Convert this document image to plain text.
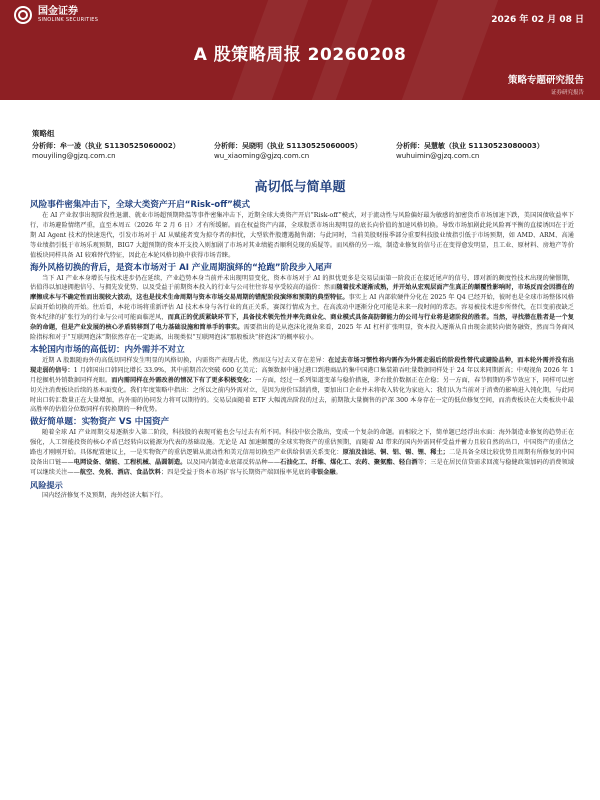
国金证券
SINOLINK SECURITIES	2026 年 02 月 08 日
A 股策略周报 20260208
策略专题研究报告
证券研究报告
策略组
分析师：牟一凌（执业 S1130525060002）
mouyiling@gjzq.com.cn
分析师：吴晓明（执业 S1130525060005）
wu_xiaoming@gjzq.com.cn
分析师：吴慧敏（执业 S1130523080003）
wuhuimin@gjzq.com.cn
高切低与简单题
风险事件密集冲击下，全球大类资产开启“Risk-off”模式

在 AI 产业叙事出现阶段性退潮、就业市场超预期降温等事件密集冲击下，近期全球大类资产开启“Risk-off”模式，对于流动性与风险偏好最为敏感的加密货币市场加速下跌，美国国债收益率下行，市场避险情绪严重，直至本周五（2026 年 2 月 6 日）才有所缓解。而在权益资产内部，全球股票市场出现明显的底长向价值的加速风格切换。导致市场加剧此轮风险再平衡的直接诱因在于近期 AI Agent 技术的快速迭代，引发市场对于 AI 从赋能者变为掠夺者的担忧，大型软件股遭遇抛售潮；与此同时，当前美股财报季部分重要科技股业绩指引低于市场预期，如 AMD、ARM、高通等业绩指引低于市场乐观预期，BIG7 大超预期的资本开支投入则加剧了市场对其业绩能否顺利兑现的质疑等。而风格的另一端，制造业修复的信号正在变得愈发明显，且工业、原材料、房地产等价值板块同样具备 AI 较难替代特征，因此在本轮风格切换中获得市场青睐。

海外风格切换的背后，是资本市场对于 AI 产业周期演绎的“抢跑”阶段步入尾声

当下 AI 产业本身增长与技术进步仍在延续，产业趋势本身当前并未出现明显变化，资本市场对于 AI 的担忧更多是交易层面第一阶段正在接近尾声的信号，即对新的颇度性技术出现的憧憬期，估值得以加速拥抱信号、与拥先发优势、以及受益于前期资本投入的行业与公司往往容易享受较高的溢价：然而随着技术逐渐成熟，并开始从宏观层面产生真正的颠覆性影响时，市场反而会因潜在的摩擦成本与不确定性而出现较大波动，这也是技术生命周期与资本市场交易周期的错配阶段演绎和预期的典型特征。事实上 AI 内部软硬件分化在 2025 年 Q4 已经开始，彼时也是全球市场整体风格层面开始切换的开始。往后看，本轮市场将重新评估 AI 技术本身与各行业的真正关系，赛深行情成为主，在高波动中逐渐分化可能是未来一段时间的常态。容易被技术进步所替代，在巨变前夜缺乏资本纪律的扩张行为的行业与公司可能面临逆风，而真正的优质紧缺环节下，具备技术领先性并率先商业化、商业模式具备高防御能力的公司与行业将是诸阶段的胜者。当然，寻找潜在胜者是一个复杂的命题，但是产业发展的核心矛盾转移到了电力基础设施和简单手的事实。需要指出的是从泡沫化视角来看，2025 年 AI 杠杆扩张明显，资本投入逐渐从自由现金流转向债务融资，然而当务商风险指标和对于“互联网泡沫”期依然存在一定距离，出现类似“互联网泡沫”那般板块“挤泡沫”的概率较小。

本轮国内市场的高低切：内外需并不对立

近期 A 股跟随海外的高低切同样发生明显的风格切换，内需资产表现占优，然而这与过去又存在差异：在过去市场习惯性将内需作为外需走弱后的阶段性替代或避险品种，而本轮外需并没有出现走弱的信号：1 月韩国出口韩同比增长 33.9%，其中前期首次突破 600 亿美元；高频数据中通过港口到港商品的集中国港口集装箱吞吐量数据同样处于 24 年以来同期新高；中观视角 2026 年 1 月挖掘机外销数据同样亮眼。而内需同样在外需改善的情况下有了更多积极变化：一方面，经过一系列渠道变革与稳价措施，茅台批价数据正在企稳；另一方面，春节假期的季节效应下，同样可以密切关注消费板块后续的基本面变化。我们年度策略中指出：之所以之前内外需对立，是因为房价压制消费，要加出口企业并未将收入转化为家庭入；我们认为当前对于消费的影响进入钝化期，与此同时出口转汇数量正在大量增加，内外需的协同发力将可以期待的。交易层面随着 ETF 大幅流出阶段的过去，前期散大量搁售的沪深 300 本身存在一定的低位修复空间，而消费板块在大类板块中最高胜率的估值分位数同样有转换期的一种优势。

做好简单题：实物资产 VS 中国资产

随着全球 AI 产业周期交易逐渐步入第二阶段，科技股的表现可能也会与过去有所不同。科技中依会散出，变成一个复杂的命题。而相较之下，简单题已经浮出水面：海外制造业修复的趋势正在强化，人工智能投资的核心矛盾已经转向以能源为代表的基础设施。无论是 AI 加速颠覆的全球实物资产的重估预期，而随着 AI 带来的国内外需同样受益并蓄力且较自然的出口，中国资产的重估之路也才刚刚开始。具体配置建议上，一是实物资产的重估逻辑从流动性和美元信用切换至产业供给供需关系变化：原油及油运、铜、铝、锡、锂、稀土；二是具备全球比较优势且周期有所修复的中国设备出口链——电网设备、储能、工程机械、晶圆制造。以及国内制造业底部反转品种——石油化工、纤维、煤化工、农药、聚氨酯、轻白酒等；三是在居民信贷需求回流与稳健政策加码的消费领域可以继续关注——航空、免税、酒店、食品饮料；四是受益于资本市场扩容与长期资产端回报率见底的非银金融。

风险提示

国内经济修复不及预期，海外经济大幅下行。
